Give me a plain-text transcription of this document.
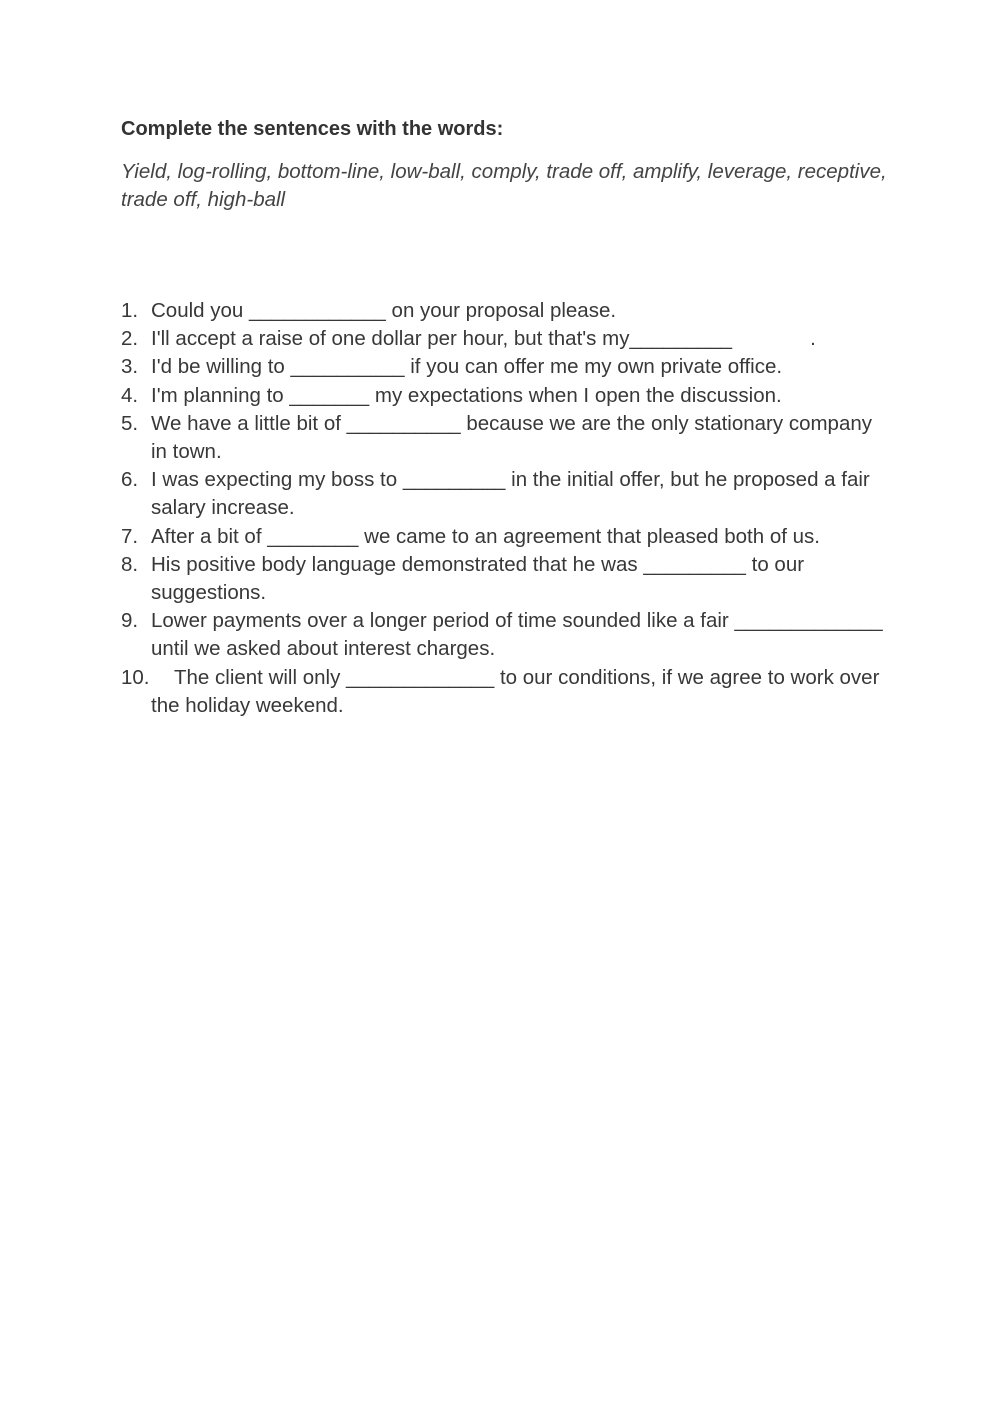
Complete the sentences with the words:
Yield, log-rolling, bottom-line, low-ball, comply, trade off, amplify, leverage, receptive, trade off, high-ball
1. Could you ____________ on your proposal please.
2. I'll accept a raise of one dollar per hour, but that's my_________	.
3. I'd be willing to __________ if you can offer me my own private office.
4. I'm planning to _______ my expectations when I open the discussion.
5. We have a little bit of __________ because we are the only stationary company in town.
6. I was expecting my boss to _________ in the initial offer, but he proposed a fair salary increase.
7. After a bit of ________ we came to an agreement that pleased both of us.
8. His positive body language demonstrated that he was _________ to our suggestions.
9. Lower payments over a longer period of time sounded like a fair _____________ until we asked about interest charges.
10. The client will only _____________ to our conditions, if we agree to work over the holiday weekend.
